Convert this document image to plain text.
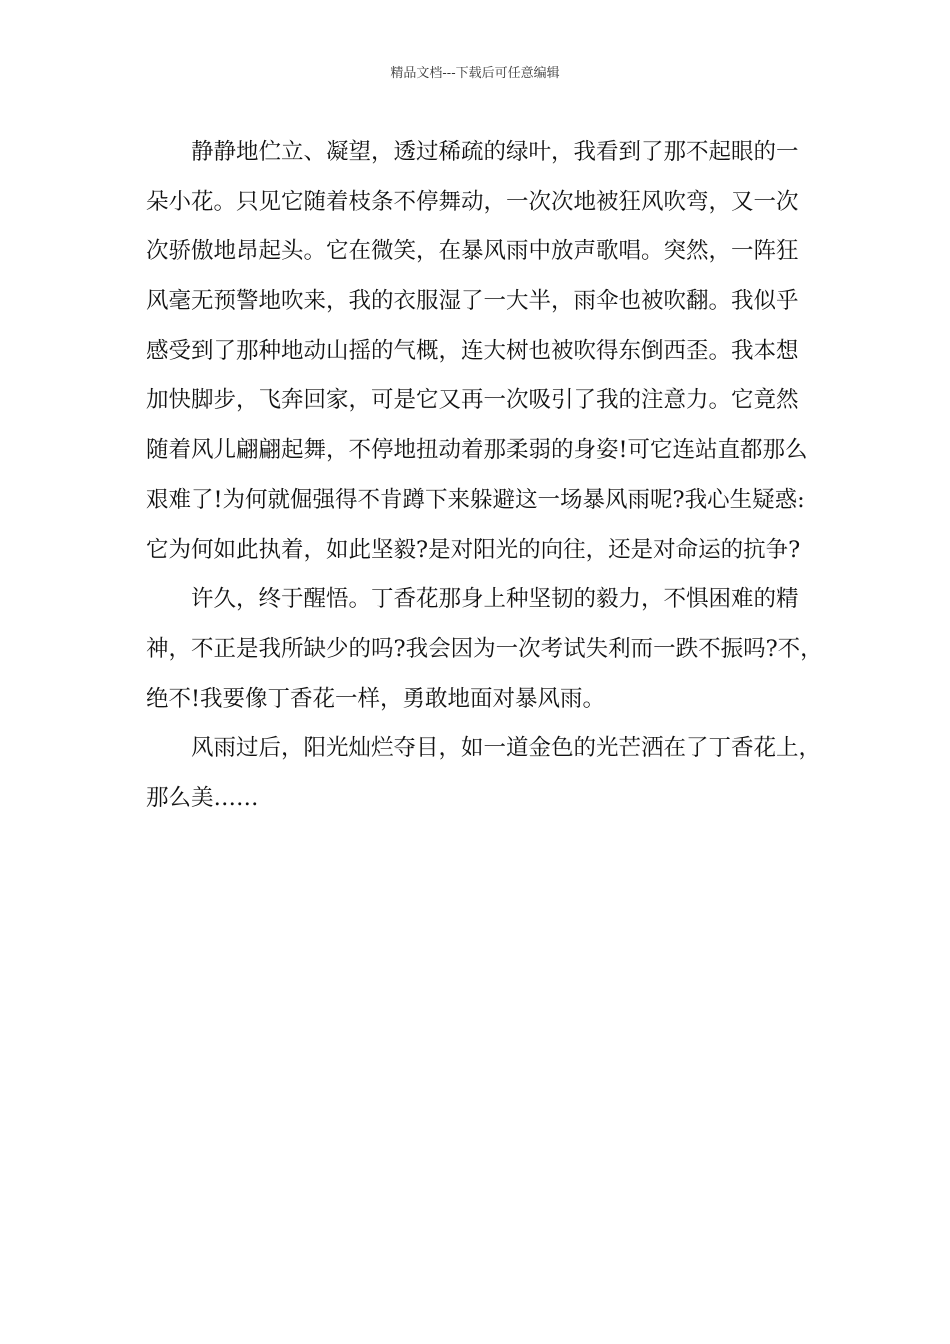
精品文档---下载后可任意编辑
静静地伫立、凝望，透过稀疏的绿叶，我看到了那不起眼的一
朵小花。只见它随着枝条不停舞动，一次次地被狂风吹弯，又一次
次骄傲地昂起头。它在微笑，在暴风雨中放声歌唱。突然，一阵狂
风毫无预警地吹来，我的衣服湿了一大半，雨伞也被吹翻。我似乎
感受到了那种地动山摇的气概，连大树也被吹得东倒西歪。我本想
加快脚步，飞奔回家，可是它又再一次吸引了我的注意力。它竟然
随着风儿翩翩起舞，不停地扭动着那柔弱的身姿!可它连站直都那么
艰难了!为何就倔强得不肯蹲下来躲避这一场暴风雨呢?我心生疑惑:
它为何如此执着，如此坚毅?是对阳光的向往，还是对命运的抗争?
许久，终于醒悟。丁香花那身上种坚韧的毅力，不惧困难的精
神，不正是我所缺少的吗?我会因为一次考试失利而一跌不振吗?不，
绝不!我要像丁香花一样，勇敢地面对暴风雨。
风雨过后，阳光灿烂夺目，如一道金色的光芒洒在了丁香花上，
那么美……
